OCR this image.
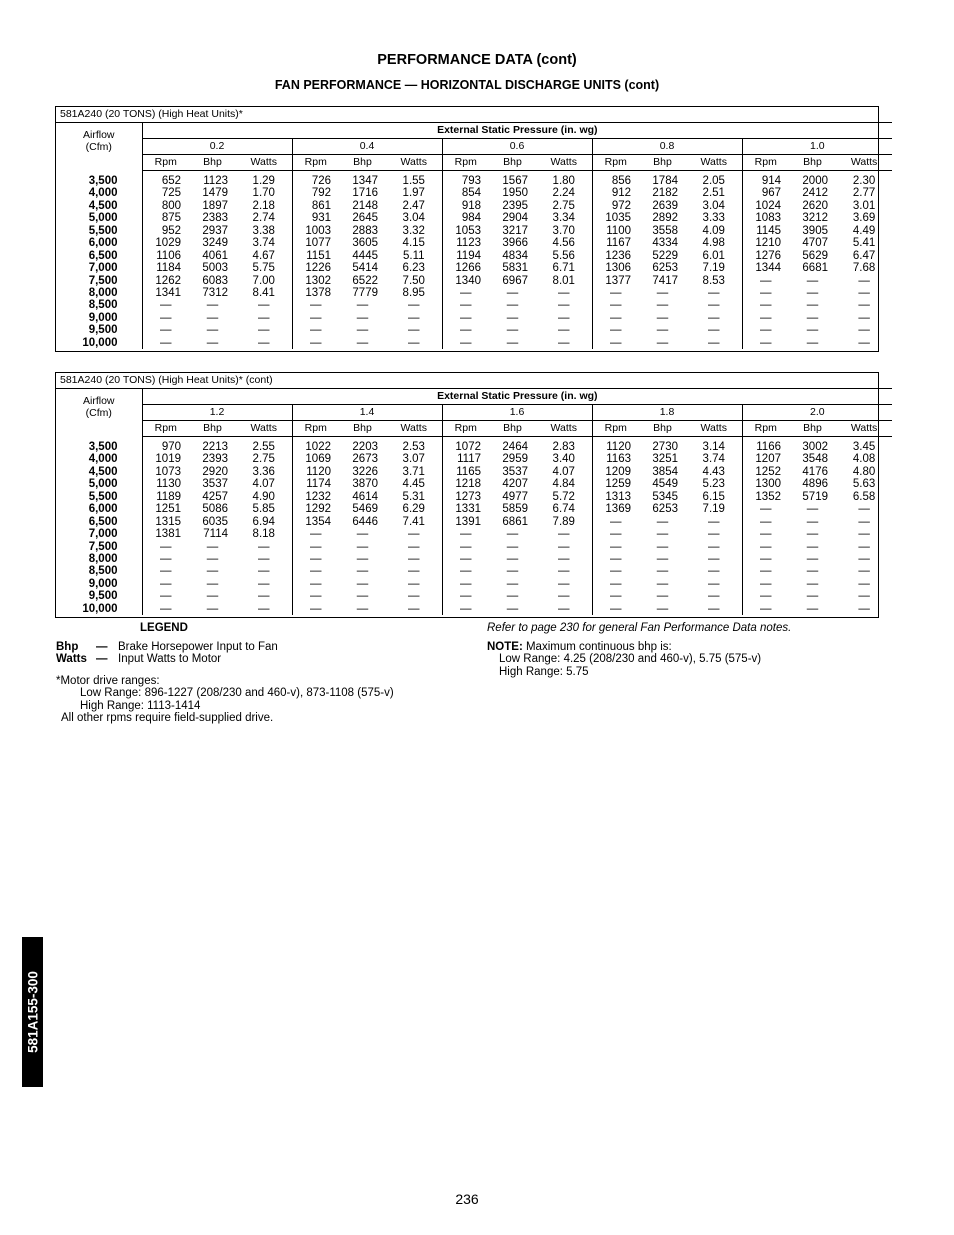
PERFORMANCE DATA (cont)
FAN PERFORMANCE — HORIZONTAL DISCHARGE UNITS (cont)
581A240 (20 TONS) (High Heat Units)*															

Airflow
(Cfm)	External Static Pressure (in. wg)														
	0.2			0.4			0.6			0.8			1.0		
	Rpm	Bhp	Watts	Rpm	Bhp	Watts	Rpm	Bhp	Watts	Rpm	Bhp	Watts	Rpm	Bhp	Watts

3,500	652	1123	1.29	726	1347	1.55	793	1567	1.80	856	1784	2.05	914	2000	2.30
4,000	725	1479	1.70	792	1716	1.97	854	1950	2.24	912	2182	2.51	967	2412	2.77
4,500	800	1897	2.18	861	2148	2.47	918	2395	2.75	972	2639	3.04	1024	2620	3.01
5,000	875	2383	2.74	931	2645	3.04	984	2904	3.34	1035	2892	3.33	1083	3212	3.69
5,500	952	2937	3.38	1003	2883	3.32	1053	3217	3.70	1100	3558	4.09	1145	3905	4.49
6,000	1029	3249	3.74	1077	3605	4.15	1123	3966	4.56	1167	4334	4.98	1210	4707	5.41
6,500	1106	4061	4.67	1151	4445	5.11	1194	4834	5.56	1236	5229	6.01	1276	5629	6.47
7,000	1184	5003	5.75	1226	5414	6.23	1266	5831	6.71	1306	6253	7.19	1344	6681	7.68
7,500	1262	6083	7.00	1302	6522	7.50	1340	6967	8.01	1377	7417	8.53	—	—	—
8,000	1341	7312	8.41	1378	7779	8.95	—	—	—	—	—	—	—	—	—
8,500	—	—	—	—	—	—	—	—	—	—	—	—	—	—	—
9,000	—	—	—	—	—	—	—	—	—	—	—	—	—	—	—
9,500	—	—	—	—	—	—	—	—	—	—	—	—	—	—	—
10,000	—	—	—	—	—	—	—	—	—	—	—	—	—	—	—
581A240 (20 TONS) (High Heat Units)* (cont)															

Airflow
(Cfm)	External Static Pressure (in. wg)														
	1.2			1.4			1.6			1.8			2.0		
	Rpm	Bhp	Watts	Rpm	Bhp	Watts	Rpm	Bhp	Watts	Rpm	Bhp	Watts	Rpm	Bhp	Watts

3,500	970	2213	2.55	1022	2203	2.53	1072	2464	2.83	1120	2730	3.14	1166	3002	3.45
4,000	1019	2393	2.75	1069	2673	3.07	1117	2959	3.40	1163	3251	3.74	1207	3548	4.08
4,500	1073	2920	3.36	1120	3226	3.71	1165	3537	4.07	1209	3854	4.43	1252	4176	4.80
5,000	1130	3537	4.07	1174	3870	4.45	1218	4207	4.84	1259	4549	5.23	1300	4896	5.63
5,500	1189	4257	4.90	1232	4614	5.31	1273	4977	5.72	1313	5345	6.15	1352	5719	6.58
6,000	1251	5086	5.85	1292	5469	6.29	1331	5859	6.74	1369	6253	7.19	—	—	—
6,500	1315	6035	6.94	1354	6446	7.41	1391	6861	7.89	—	—	—	—	—	—
7,000	1381	7114	8.18	—	—	—	—	—	—	—	—	—	—	—	—
7,500	—	—	—	—	—	—	—	—	—	—	—	—	—	—	—
8,000	—	—	—	—	—	—	—	—	—	—	—	—	—	—	—
8,500	—	—	—	—	—	—	—	—	—	—	—	—	—	—	—
9,000	—	—	—	—	—	—	—	—	—	—	—	—	—	—	—
9,500	—	—	—	—	—	—	—	—	—	—	—	—	—	—	—
10,000	—	—	—	—	—	—	—	—	—	—	—	—	—	—	—
LEGEND
Bhp — Brake Horsepower Input to Fan
Watts — Input Watts to Motor
*Motor drive ranges:
Low Range: 896-1227 (208/230 and 460-v), 873-1108 (575-v)
High Range: 1113-1414
All other rpms require field-supplied drive.
Refer to page 230 for general Fan Performance Data notes.
NOTE: Maximum continuous bhp is:
Low Range: 4.25 (208/230 and 460-v), 5.75 (575-v)
High Range: 5.75
581A155-300
236
